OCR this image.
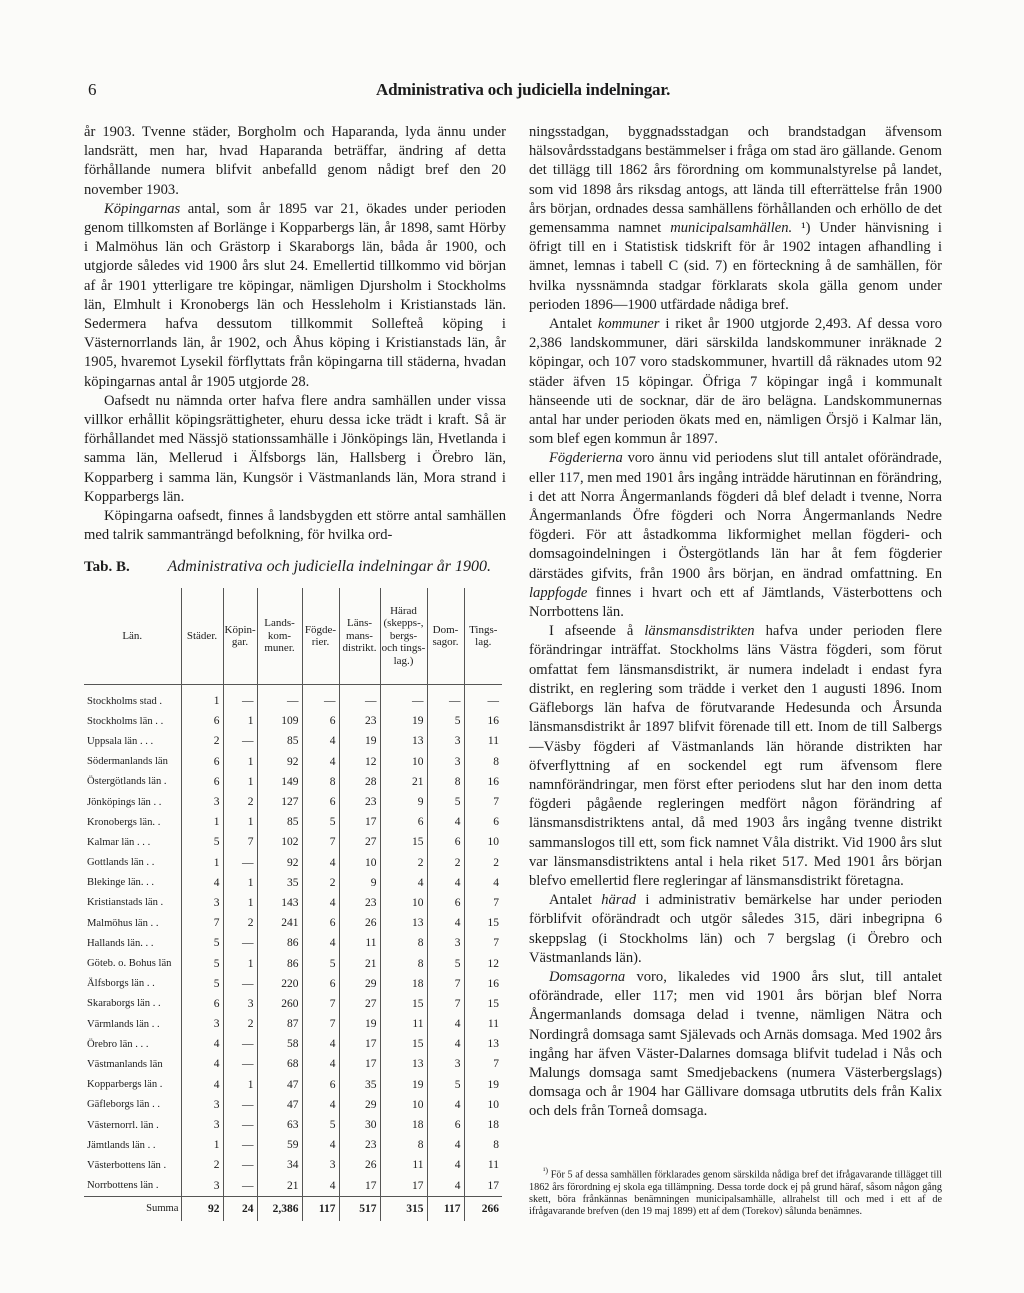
6	Administrativa och judiciella indelningar.

år 1903. Tvenne städer, Borgholm och Haparanda, lyda ännu under landsrätt, men har, hvad Haparanda beträffar, ändring af detta förhållande numera blifvit anbefalld genom nådigt bref den 20 november 1903.

Köpingarnas antal, som år 1895 var 21, ökades under perioden genom tillkomsten af Borlänge i Kopparbergs län, år 1898, samt Hörby i Malmöhus län och Grästorp i Skaraborgs län, båda år 1900, och utgjorde således vid 1900 års slut 24. Emellertid tillkommo vid början af år 1901 ytterligare tre köpingar, nämligen Djursholm i Stockholms län, Elmhult i Kronobergs län och Hessleholm i Kristianstads län. Sedermera hafva dessutom tillkommit Sollefteå köping i Västernorrlands län, år 1902, och Åhus köping i Kristianstads län, år 1905, hvaremot Lysekil förflyttats från köpingarna till städerna, hvadan köpingarnas antal år 1905 utgjorde 28.

Oafsedt nu nämnda orter hafva flere andra samhällen under vissa villkor erhållit köpingsrättigheter, ehuru dessa icke trädt i kraft. Så är förhållandet med Nässjö stationssamhälle i Jönköpings län, Hvetlanda i samma län, Mellerud i Älfsborgs län, Hallsberg i Örebro län, Kopparberg i samma län, Kungsör i Västmanlands län, Mora strand i Kopparbergs län.

Köpingarna oafsedt, finnes å landsbygden ett större antal samhällen med talrik sammanträngd befolkning, för hvilka ord-

Tab. B. Administrativa och judiciella indelningar år 1900.
Län.	Städer.	Köpin-gar.	Lands-kom-muner.	Fögde-rier.	Läns-mans-distrikt.	Härad (skepps-, bergs- och tings-lag.)	Dom-sagor.	Tings-lag.
Stockholms stad .	1	—	—	—	—	—	—	—
Stockholms län . .	6	1	109	6	23	19	5	16
Uppsala län . . .	2	—	85	4	19	13	3	11
Södermanlands län	6	1	92	4	12	10	3	8
Östergötlands län .	6	1	149	8	28	21	8	16
Jönköpings län . .	3	2	127	6	23	9	5	7
Kronobergs län. .	1	1	85	5	17	6	4	6
Kalmar län . . .	5	7	102	7	27	15	6	10
Gottlands län . .	1	—	92	4	10	2	2	2
Blekinge län. . .	4	1	35	2	9	4	4	4
Kristianstads län .	3	1	143	4	23	10	6	7
Malmöhus län . .	7	2	241	6	26	13	4	15
Hallands län. . .	5	—	86	4	11	8	3	7
Göteb. o. Bohus län	5	1	86	5	21	8	5	12
Älfsborgs län . .	5	—	220	6	29	18	7	16
Skaraborgs län . .	6	3	260	7	27	15	7	15
Värmlands län . .	3	2	87	7	19	11	4	11
Örebro län . . .	4	—	58	4	17	15	4	13
Västmanlands län	4	—	68	4	17	13	3	7
Kopparbergs län .	4	1	47	6	35	19	5	19
Gäfleborgs län . .	3	—	47	4	29	10	4	10
Västernorrl. län .	3	—	63	5	30	18	6	18
Jämtlands län . .	1	—	59	4	23	8	4	8
Västerbottens län .	2	—	34	3	26	11	4	11
Norrbottens län .	3	—	21	4	17	17	4	17
Summa	92	24	2,386	117	517	315	117	266

ningsstadgan, byggnadsstadgan och brandstadgan äfvensom hälsovårdsstadgans bestämmelser i fråga om stad äro gällande. Genom det tillägg till 1862 års förordning om kommunalstyrelse på landet, som vid 1898 års riksdag antogs, att lända till efterrättelse från 1900 års början, ordnades dessa samhällens förhållanden och erhöllo de det gemensamma namnet municipalsamhällen. ¹) Under hänvisning i öfrigt till en i Statistisk tidskrift för år 1902 intagen afhandling i ämnet, lemnas i tabell C (sid. 7) en förteckning å de samhällen, för hvilka nyssnämnda stadgar förklarats skola gälla genom under perioden 1896—1900 utfärdade nådiga bref.

Antalet kommuner i riket år 1900 utgjorde 2,493. Af dessa voro 2,386 landskommuner, däri särskilda landskommuner inräknade 2 köpingar, och 107 voro stadskommuner, hvartill då räknades utom 92 städer äfven 15 köpingar. Öfriga 7 köpingar ingå i kommunalt hänseende uti de socknar, där de äro belägna. Landskommunernas antal har under perioden ökats med en, nämligen Örsjö i Kalmar län, som blef egen kommun år 1897.

Fögderierna voro ännu vid periodens slut till antalet oförändrade, eller 117, men med 1901 års ingång inträdde härutinnan en förändring, i det att Norra Ångermanlands fögderi då blef deladt i tvenne, Norra Ångermanlands Öfre fögderi och Norra Ångermanlands Nedre fögderi. För att åstadkomma likformighet mellan fögderi- och domsagoindelningen i Östergötlands län har åt fem fögderier därstädes gifvits, från 1900 års början, en ändrad omfattning. En lappfogde finnes i hvart och ett af Jämtlands, Västerbottens och Norrbottens län.

I afseende å länsmansdistrikten hafva under perioden flere förändringar inträffat. Stockholms läns Västra fögderi, som förut omfattat fem länsmansdistrikt, är numera indeladt i endast fyra distrikt, en reglering som trädde i verket den 1 augusti 1896. Inom Gäfleborgs län hafva de förutvarande Hedesunda och Årsunda länsmansdistrikt år 1897 blifvit förenade till ett. Inom de till Salbergs—Väsby fögderi af Västmanlands län hörande distrikten har öfverflyttning af en sockendel egt rum äfvensom flere namnförändringar, men först efter periodens slut har den inom detta fögderi pågående regleringen medfört någon förändring af länsmansdistriktens antal, då med 1903 års ingång tvenne distrikt sammanslogos till ett, som fick namnet Våla distrikt. Vid 1900 års slut var länsmansdistriktens antal i hela riket 517. Med 1901 års början blefvo emellertid flere regleringar af länsmansdistrikt företagna.

Antalet härad i administrativ bemärkelse har under perioden förblifvit oförändradt och utgör således 315, däri inbegripna 6 skeppslag (i Stockholms län) och 7 bergslag (i Örebro och Västmanlands län).

Domsagorna voro, likaledes vid 1900 års slut, till antalet oförändrade, eller 117; men vid 1901 års början blef Norra Ångermanlands domsaga delad i tvenne, nämligen Nätra och Nordingrå domsaga samt Själevads och Arnäs domsaga. Med 1902 års ingång har äfven Väster-Dalarnes domsaga blifvit tudelad i Nås och Malungs domsaga samt Smedjebackens (numera Västerbergslags) domsaga och år 1904 har Gällivare domsaga utbrutits dels från Kalix och dels från Torneå domsaga.

$^{^1)}$ För 5 af dessa samhällen förklarades genom särskilda nådiga bref det ifrågavarande tillägget till 1862 års förordning ej skola ega tillämpning. Dessa torde dock ej på grund häraf, såsom någon gång skett, böra frånkännas benämningen municipalsamhälle, allrahelst till och med i ett af de ifrågavarande brefven (den 19 maj 1899) ett af dem (Torekov) sålunda benämnes.
